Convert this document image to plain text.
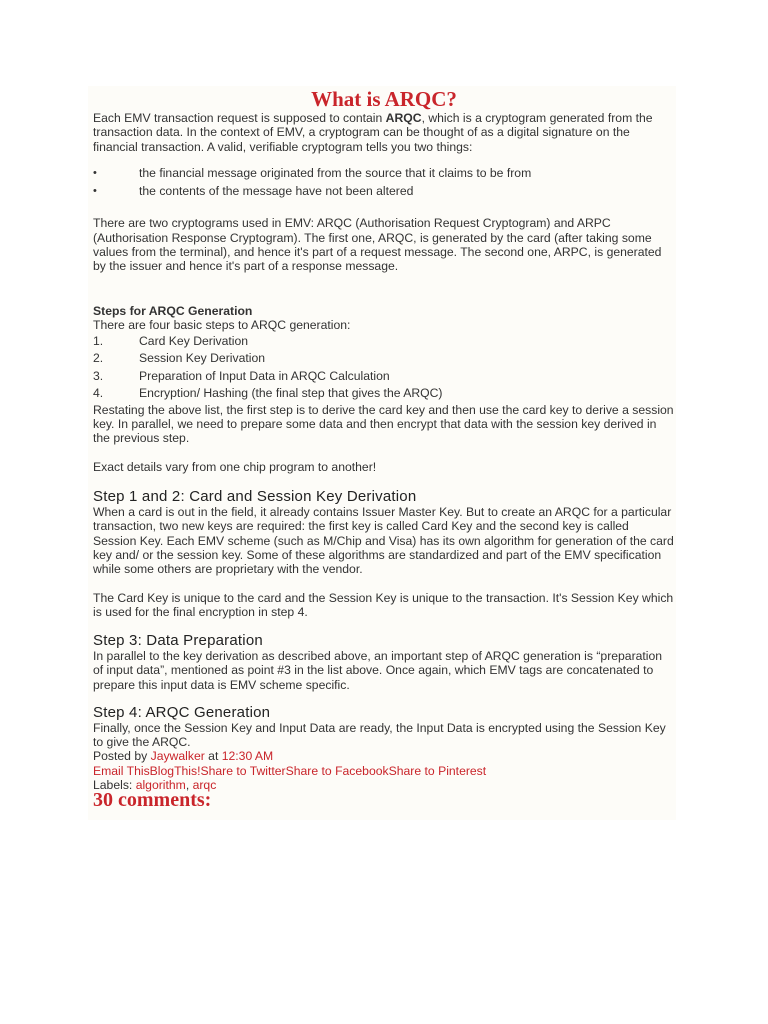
What is ARQC?

Each EMV transaction request is supposed to contain ARQC, which is a cryptogram generated from the transaction data. In the context of EMV, a cryptogram can be thought of as a digital signature on the financial transaction. A valid, verifiable cryptogram tells you two things:

•	the financial message originated from the source that it claims to be from
•	the contents of the message have not been altered

There are two cryptograms used in EMV: ARQC (Authorisation Request Cryptogram) and ARPC (Authorisation Response Cryptogram). The first one, ARQC, is generated by the card (after taking some values from the terminal), and hence it's part of a request message. The second one, ARPC, is generated by the issuer and hence it's part of a response message.

Steps for ARQC Generation

There are four basic steps to ARQC generation:

1.	Card Key Derivation
2.	Session Key Derivation
3.	Preparation of Input Data in ARQC Calculation
4.	Encryption/ Hashing (the final step that gives the ARQC)

Restating the above list, the first step is to derive the card key and then use the card key to derive a session key. In parallel, we need to prepare some data and then encrypt that data with the session key derived in the previous step.

Exact details vary from one chip program to another!

Step 1 and 2: Card and Session Key Derivation

When a card is out in the field, it already contains Issuer Master Key. But to create an ARQC for a particular transaction, two new keys are required: the first key is called Card Key and the second key is called Session Key. Each EMV scheme (such as M/Chip and Visa) has its own algorithm for generation of the card key and/ or the session key. Some of these algorithms are standardized and part of the EMV specification while some others are proprietary with the vendor.

The Card Key is unique to the card and the Session Key is unique to the transaction. It's Session Key which is used for the final encryption in step 4.

Step 3: Data Preparation

In parallel to the key derivation as described above, an important step of ARQC generation is “preparation of input data”, mentioned as point #3 in the list above. Once again, which EMV tags are concatenated to prepare this input data is EMV scheme specific.

Step 4: ARQC Generation

Finally, once the Session Key and Input Data are ready, the Input Data is encrypted using the Session Key to give the ARQC.

Posted by Jaywalker at 12:30 AM

Email ThisBlogThis!Share to TwitterShare to FacebookShare to Pinterest

Labels: algorithm, arqc

30 comments:
